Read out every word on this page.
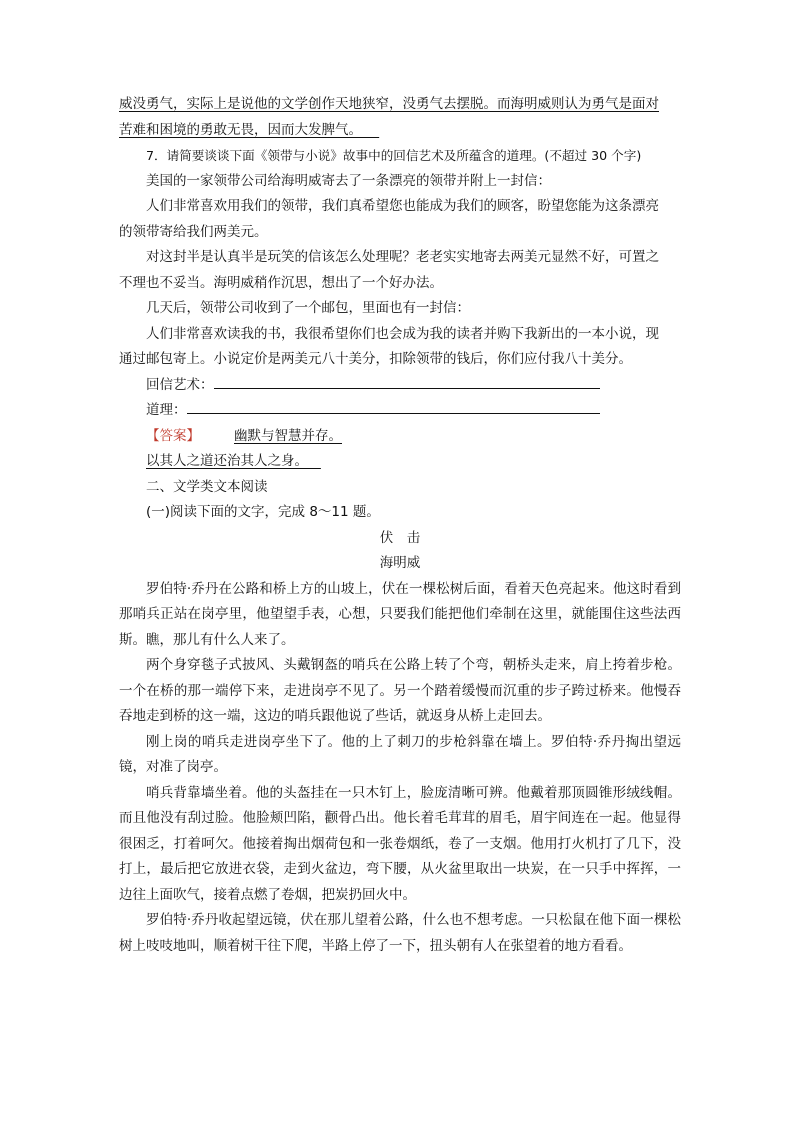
威没勇气，实际上是说他的文学创作天地狭窄，没勇气去摆脱。而海明威则认为勇气是面对

苦难和困境的勇敢无畏，因而大发脾气。

7．请简要谈谈下面《领带与小说》故事中的回信艺术及所蕴含的道理。(不超过 30 个字)

美国的一家领带公司给海明威寄去了一条漂亮的领带并附上一封信：

人们非常喜欢用我们的领带，我们真希望您也能成为我们的顾客，盼望您能为这条漂亮

的领带寄给我们两美元。

对这封半是认真半是玩笑的信该怎么处理呢？老老实实地寄去两美元显然不好，可置之

不理也不妥当。海明威稍作沉思，想出了一个好办法。

几天后，领带公司收到了一个邮包，里面也有一封信：

人们非常喜欢读我的书，我很希望你们也会成为我的读者并购下我新出的一本小说，现

通过邮包寄上。小说定价是两美元八十美分，扣除领带的钱后，你们应付我八十美分。

回信艺术：

道理：

【答案】	幽默与智慧并存。

以其人之道还治其人之身。

二、文学类文本阅读

(一)阅读下面的文字，完成 8～11 题。

伏　击

海明威

罗伯特·乔丹在公路和桥上方的山坡上，伏在一棵松树后面，看着天色亮起来。他这时看到那哨兵正站在岗亭里，他望望手表，心想，只要我们能把他们牵制在这里，就能围住这些法西斯。瞧，那儿有什么人来了。

两个身穿毯子式披风、头戴钢盔的哨兵在公路上转了个弯，朝桥头走来，肩上挎着步枪。一个在桥的那一端停下来，走进岗亭不见了。另一个踏着缓慢而沉重的步子跨过桥来。他慢吞吞地走到桥的这一端，这边的哨兵跟他说了些话，就返身从桥上走回去。

刚上岗的哨兵走进岗亭坐下了。他的上了刺刀的步枪斜靠在墙上。罗伯特·乔丹掏出望远镜，对准了岗亭。

哨兵背靠墙坐着。他的头盔挂在一只木钉上，脸庞清晰可辨。他戴着那顶圆锥形绒线帽。而且他没有刮过脸。他脸颊凹陷，颧骨凸出。他长着毛茸茸的眉毛，眉宇间连在一起。他显得很困乏，打着呵欠。他接着掏出烟荷包和一张卷烟纸，卷了一支烟。他用打火机打了几下，没打上，最后把它放进衣袋，走到火盆边，弯下腰，从火盆里取出一块炭，在一只手中挥挥，一边往上面吹气，接着点燃了卷烟，把炭扔回火中。

罗伯特·乔丹收起望远镜，伏在那儿望着公路，什么也不想考虑。一只松鼠在他下面一棵松树上吱吱地叫，顺着树干往下爬，半路上停了一下，扭头朝有人在张望着的地方看看。
